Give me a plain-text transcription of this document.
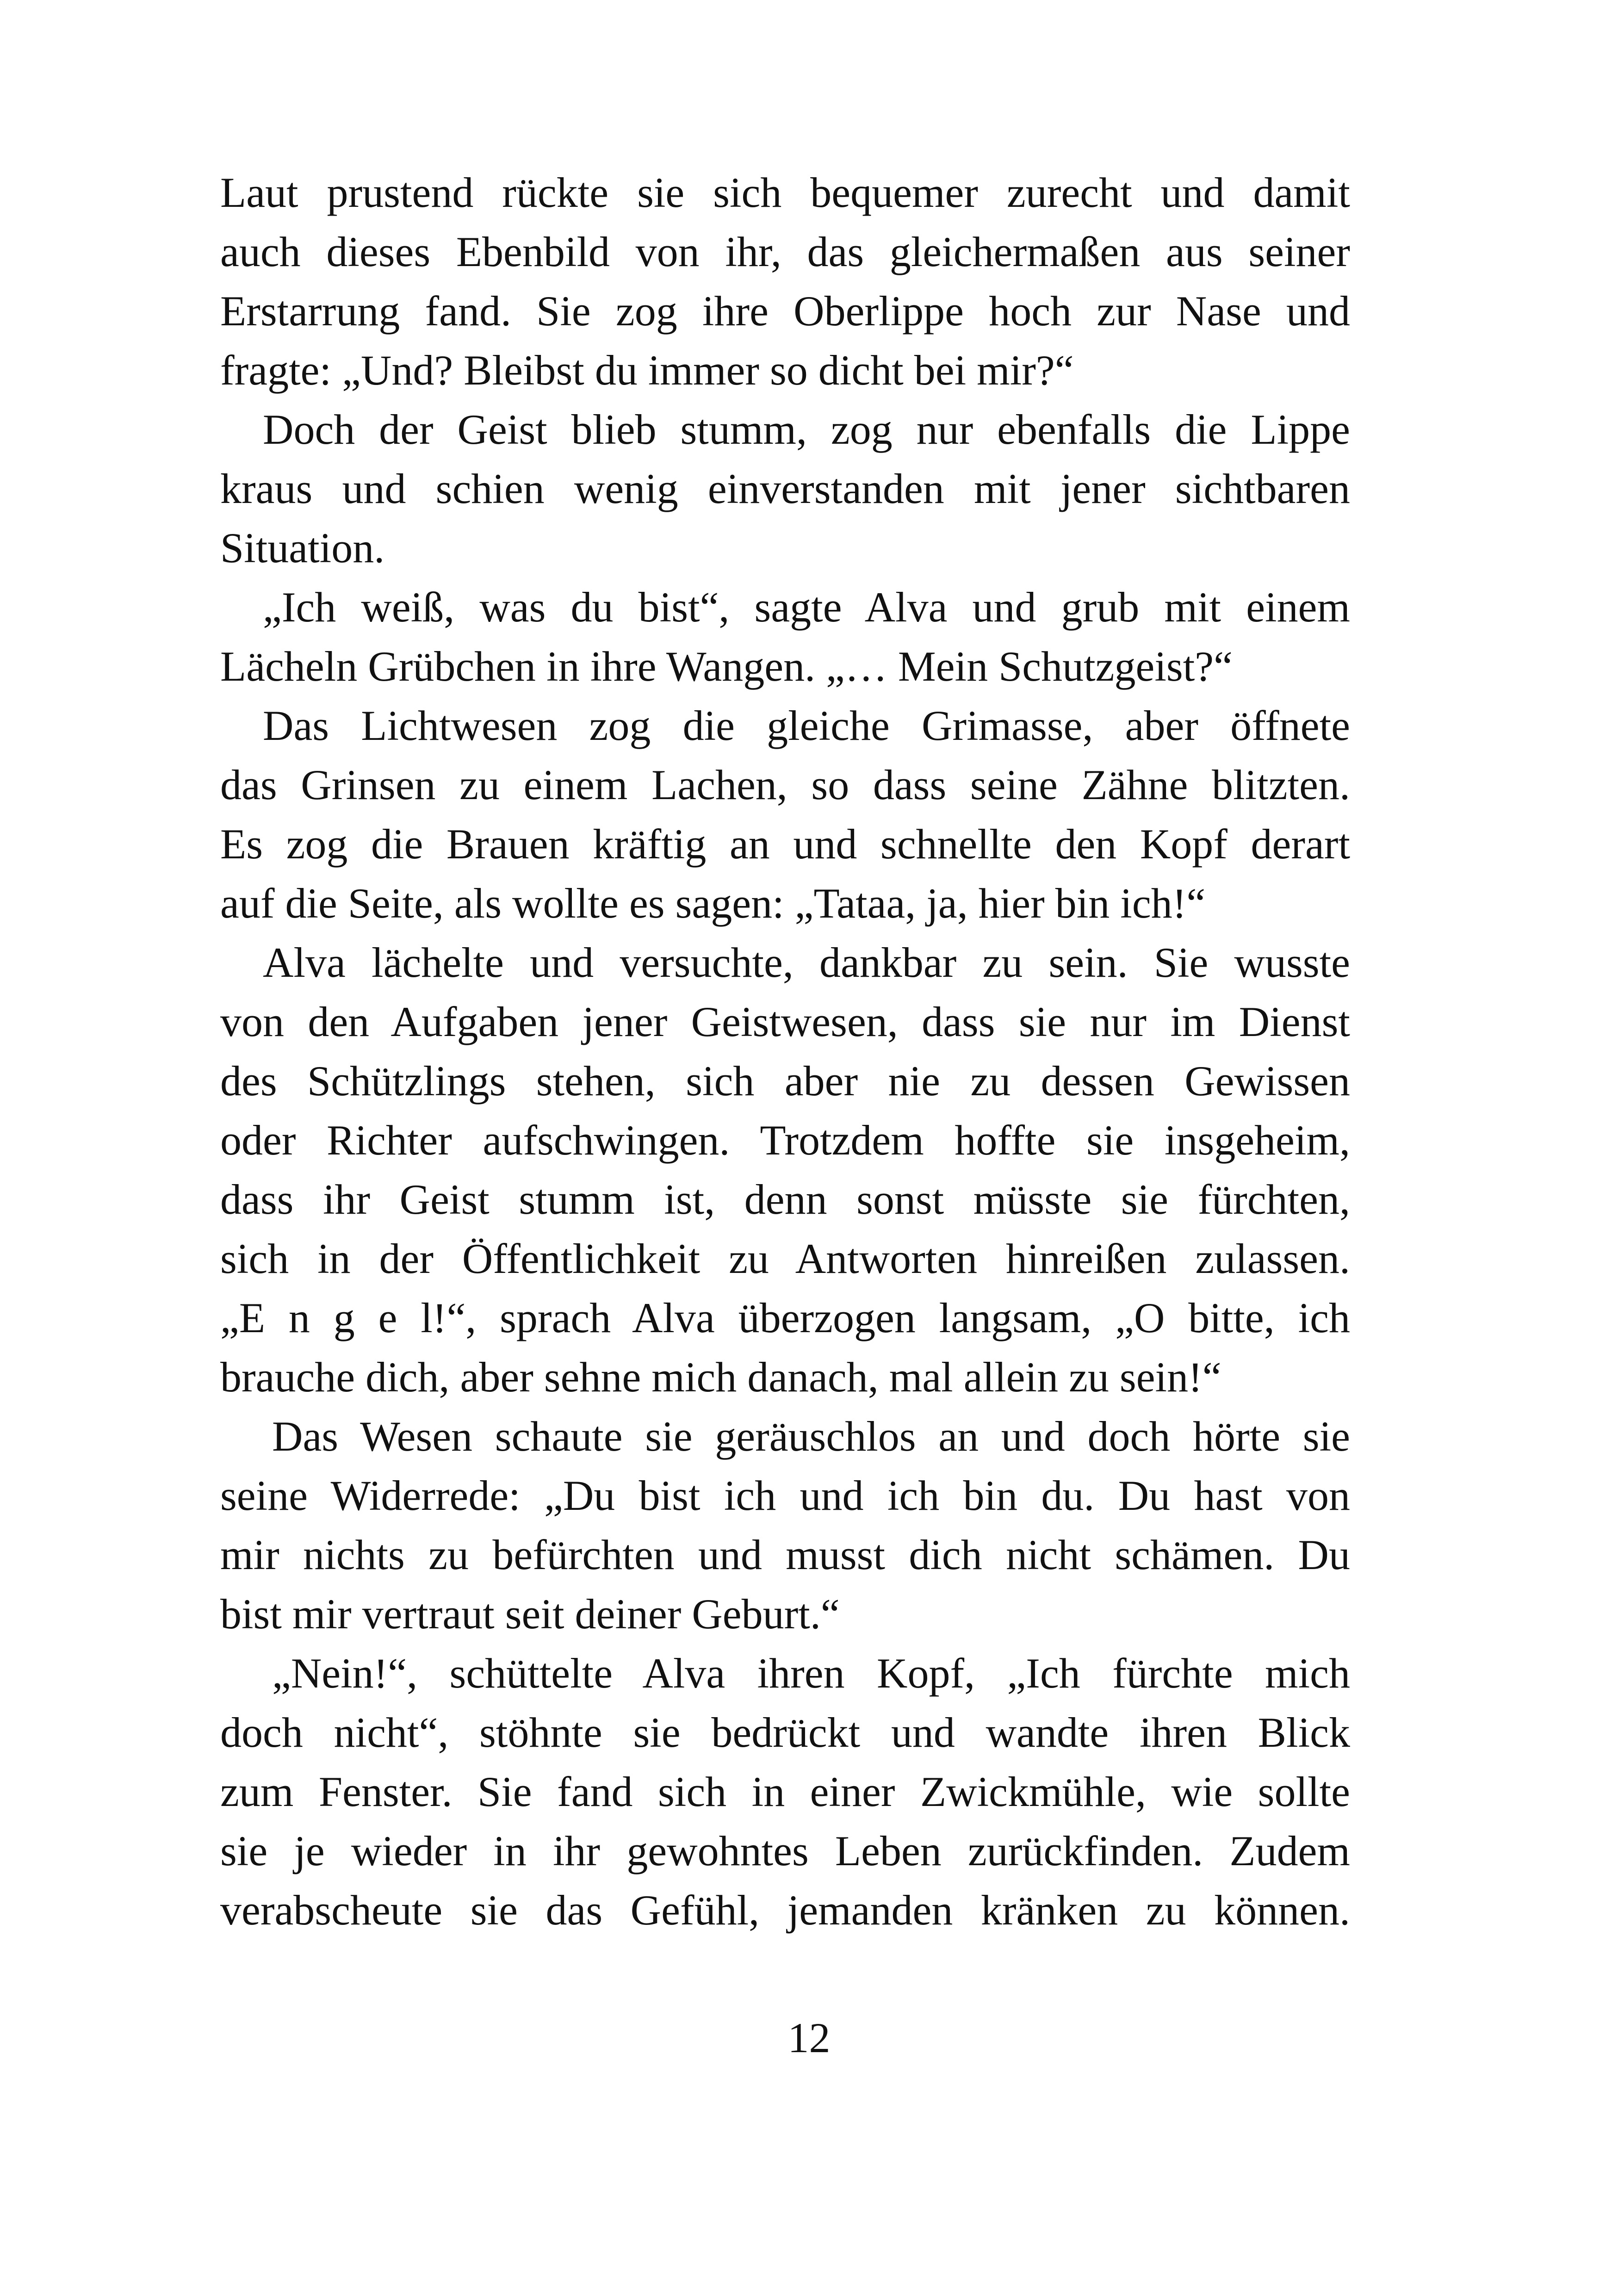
Laut prustend rückte sie sich bequemer zurecht und damit
auch dieses Ebenbild von ihr, das gleichermaßen aus seiner
Erstarrung fand. Sie zog ihre Oberlippe hoch zur Nase und
fragte: „Und? Bleibst du immer so dicht bei mir?“
Doch der Geist blieb stumm, zog nur ebenfalls die Lippe
kraus und schien wenig einverstanden mit jener sichtbaren
Situation.
„Ich weiß, was du bist“, sagte Alva und grub mit einem
Lächeln Grübchen in ihre Wangen. „… Mein Schutzgeist?“
Das Lichtwesen zog die gleiche Grimasse, aber öffnete
das Grinsen zu einem Lachen, so dass seine Zähne blitzten.
Es zog die Brauen kräftig an und schnellte den Kopf derart
auf die Seite, als wollte es sagen: „Tataa, ja, hier bin ich!“
Alva lächelte und versuchte, dankbar zu sein. Sie wusste
von den Aufgaben jener Geistwesen, dass sie nur im Dienst
des Schützlings stehen, sich aber nie zu dessen Gewissen
oder Richter aufschwingen. Trotzdem hoffte sie insgeheim,
dass ihr Geist stumm ist, denn sonst müsste sie fürchten,
sich in der Öffentlichkeit zu Antworten hinreißen zulassen.
„E n g e l!“, sprach Alva überzogen langsam, „O bitte, ich
brauche dich, aber sehne mich danach, mal allein zu sein!“
Das Wesen schaute sie geräuschlos an und doch hörte sie
seine Widerrede: „Du bist ich und ich bin du. Du hast von
mir nichts zu befürchten und musst dich nicht schämen. Du
bist mir vertraut seit deiner Geburt.“
„Nein!“, schüttelte Alva ihren Kopf, „Ich fürchte mich
doch nicht“, stöhnte sie bedrückt und wandte ihren Blick
zum Fenster. Sie fand sich in einer Zwickmühle, wie sollte
sie je wieder in ihr gewohntes Leben zurückfinden. Zudem
verabscheute sie das Gefühl, jemanden kränken zu können.
12
